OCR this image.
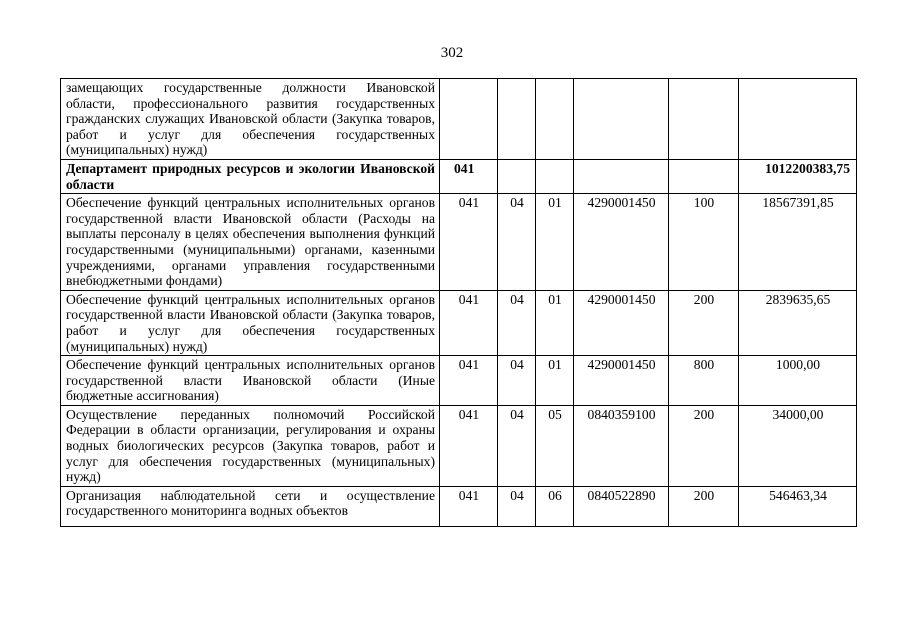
302
замещающих государственные должности Ивановской области, профессионального развития государственных гражданских служащих Ивановской области (Закупка товаров, работ и услуг для обеспечения государственных (муниципальных) нужд)						
Департамент природных ресурсов и экологии Ивановской области	041					1012200383,75
Обеспечение функций центральных исполнительных органов государственной власти Ивановской области (Расходы на выплаты персоналу в целях обеспечения выполнения функций государственными (муниципальными) органами, казенными учреждениями, органами управления государственными внебюджетными фондами)	041	04	01	4290001450	100	18567391,85
Обеспечение функций центральных исполнительных органов государственной власти Ивановской области (Закупка товаров, работ и услуг для обеспечения государственных (муниципальных) нужд)	041	04	01	4290001450	200	2839635,65
Обеспечение функций центральных исполнительных органов государственной власти Ивановской области (Иные бюджетные ассигнования)	041	04	01	4290001450	800	1000,00
Осуществление переданных полномочий Российской Федерации в области организации, регулирования и охраны водных биологических ресурсов (Закупка товаров, работ и услуг для обеспечения государственных (муниципальных) нужд)	041	04	05	0840359100	200	34000,00

Организация наблюдательной сети и осуществление государственного мониторинга водных объектов	041	04	06	0840522890	200	546463,34
